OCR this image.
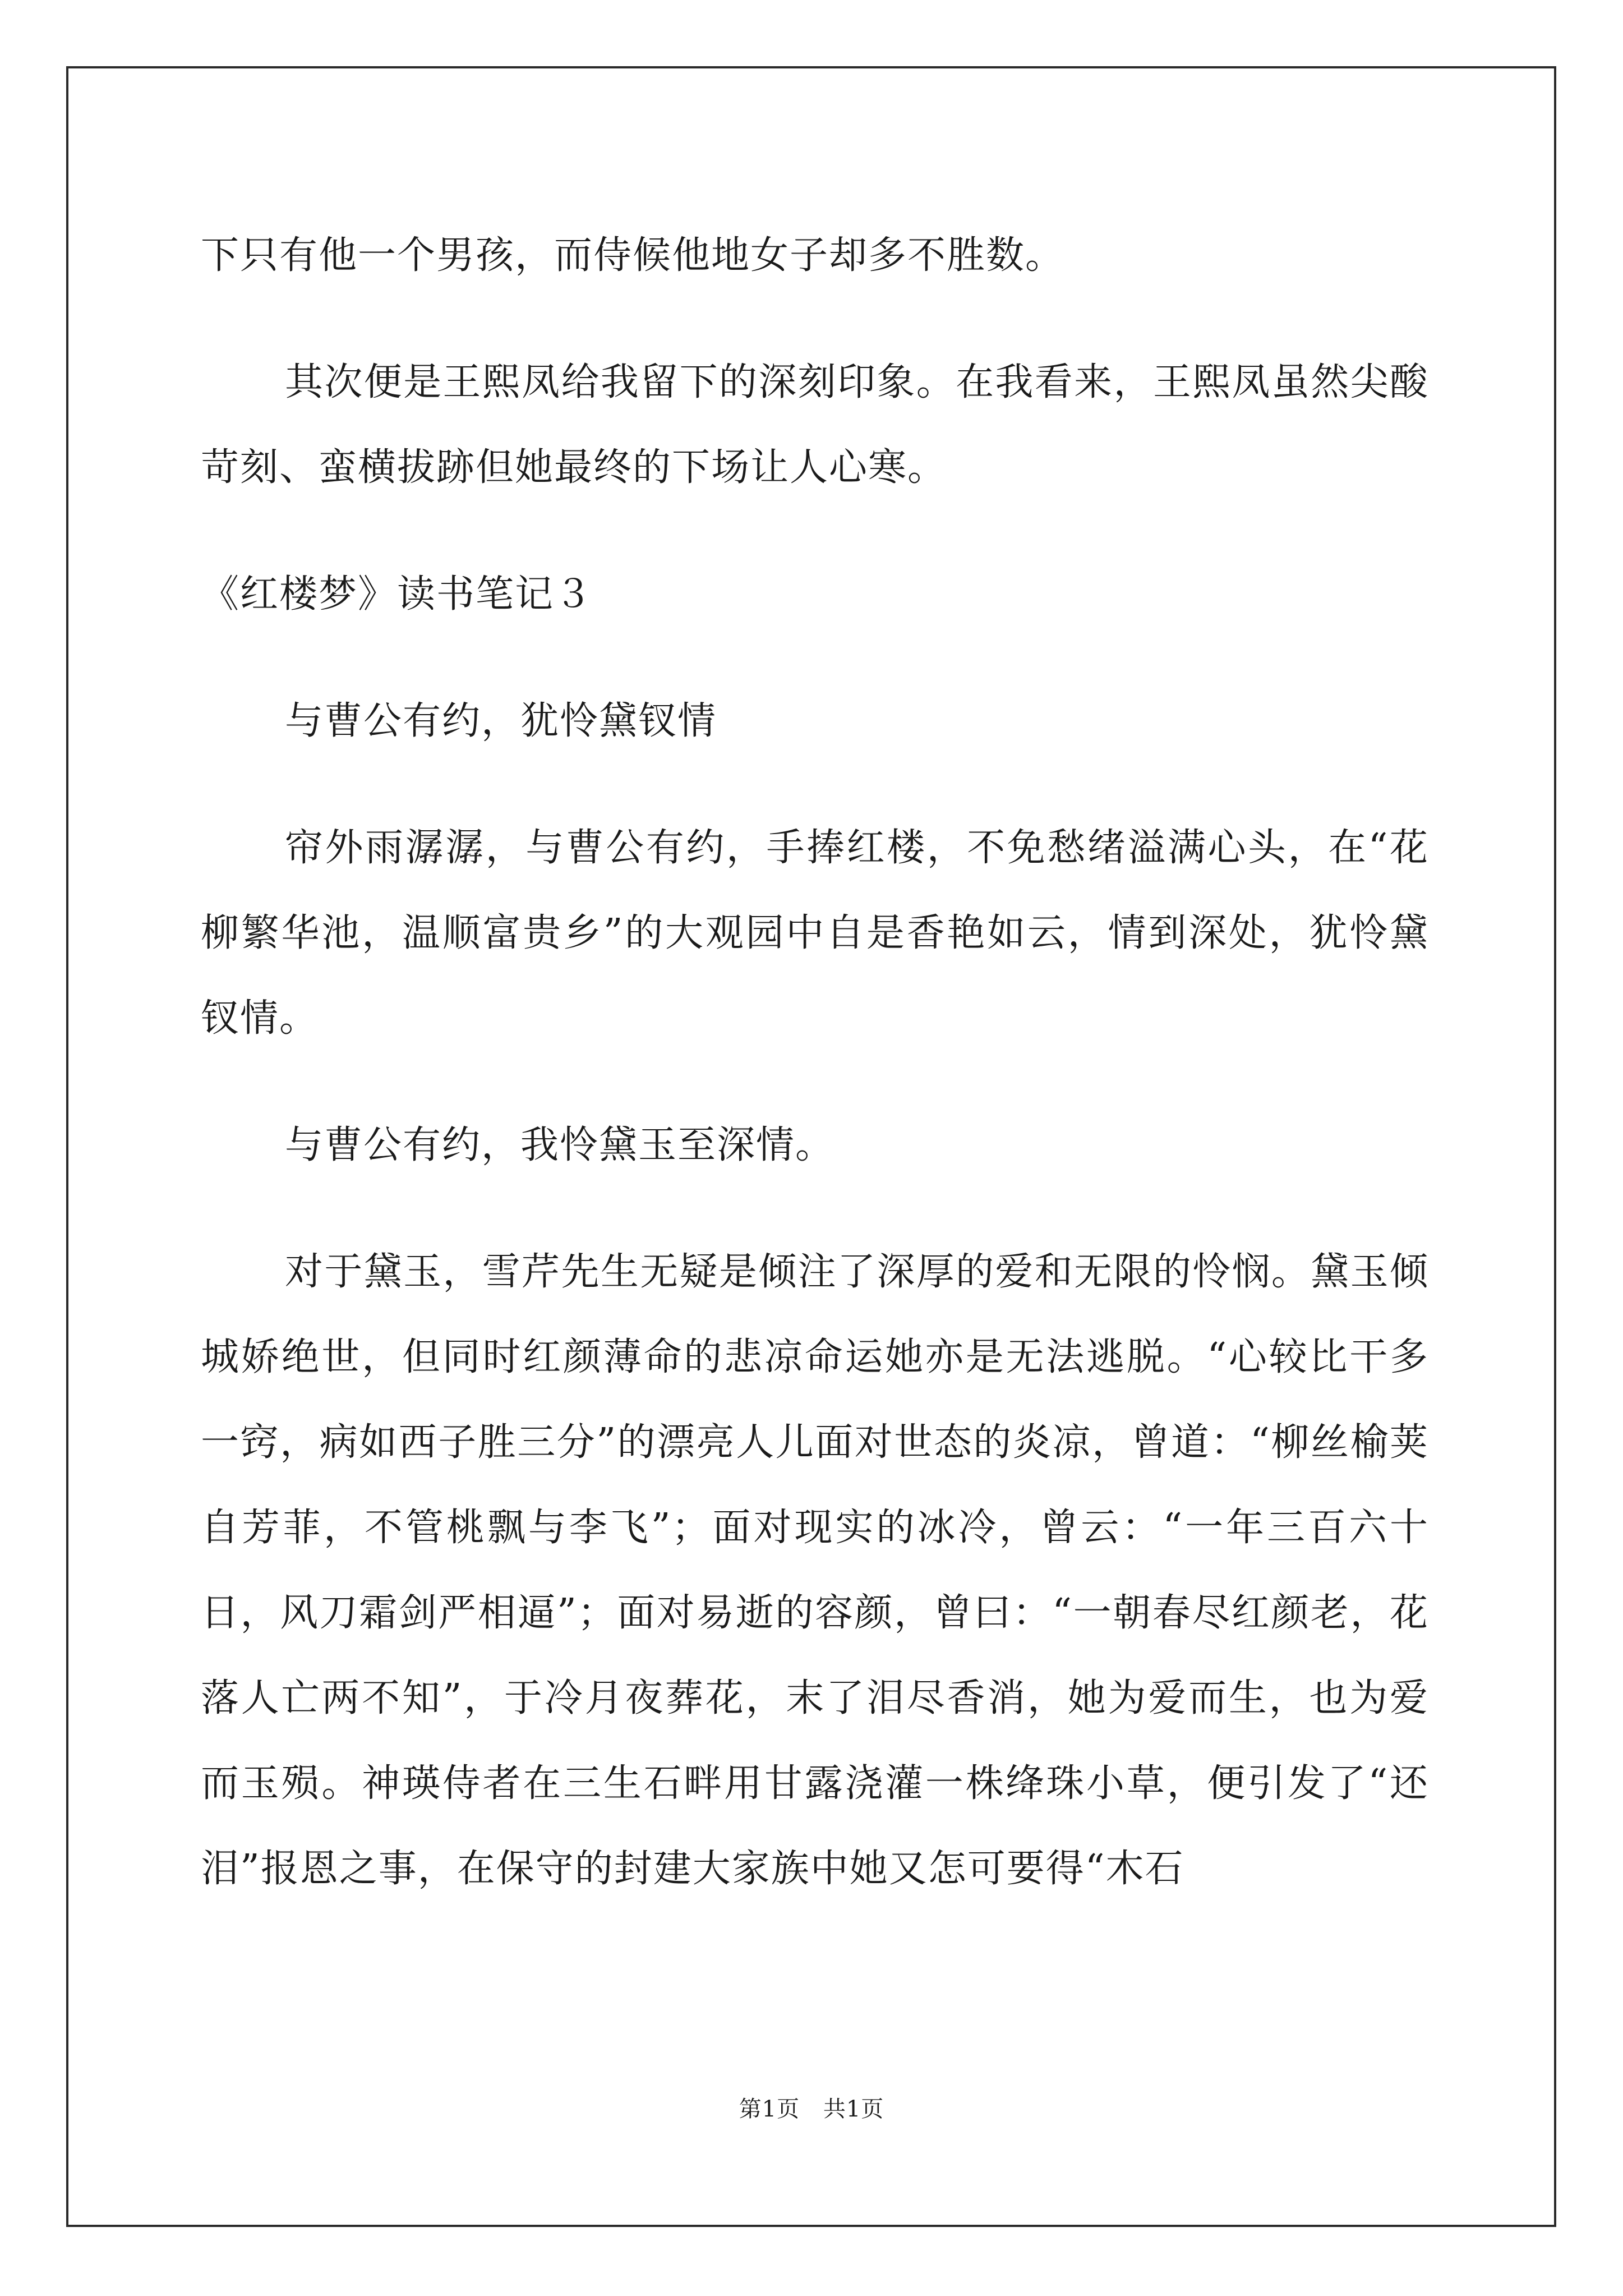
下只有他一个男孩，而侍候他地女子却多不胜数。

其次便是王熙凤给我留下的深刻印象。在我看来，王熙凤虽然尖酸苛刻、蛮横拔跡但她最终的下场让人心寒。

《红楼梦》读书笔记３

与曹公有约，犹怜黛钗情

帘外雨潺潺，与曹公有约，手捧红楼，不免愁绪溢满心头，在“花柳繁华池，温顺富贵乡”的大观园中自是香艳如云，情到深处，犹怜黛钗情。

与曹公有约，我怜黛玉至深情。

对于黛玉，雪芹先生无疑是倾注了深厚的爱和无限的怜悯。黛玉倾城娇绝世，但同时红颜薄命的悲凉命运她亦是无法逃脱。“心较比干多一窍，病如西子胜三分”的漂亮人儿面对世态的炎凉，曾道：“柳丝榆荚自芳菲，不管桃飘与李飞”；面对现实的冰冷，曾云：“一年三百六十日，风刀霜剑严相逼”；面对易逝的容颜，曾曰：“一朝春尽红颜老，花落人亡两不知”，于冷月夜葬花，末了泪尽香消，她为爱而生，也为爱而玉殒。神瑛侍者在三生石畔用甘露浇灌一株绛珠小草，便引发了“还泪”报恩之事，在保守的封建大家族中她又怎可要得“木石

第1页 共1页
